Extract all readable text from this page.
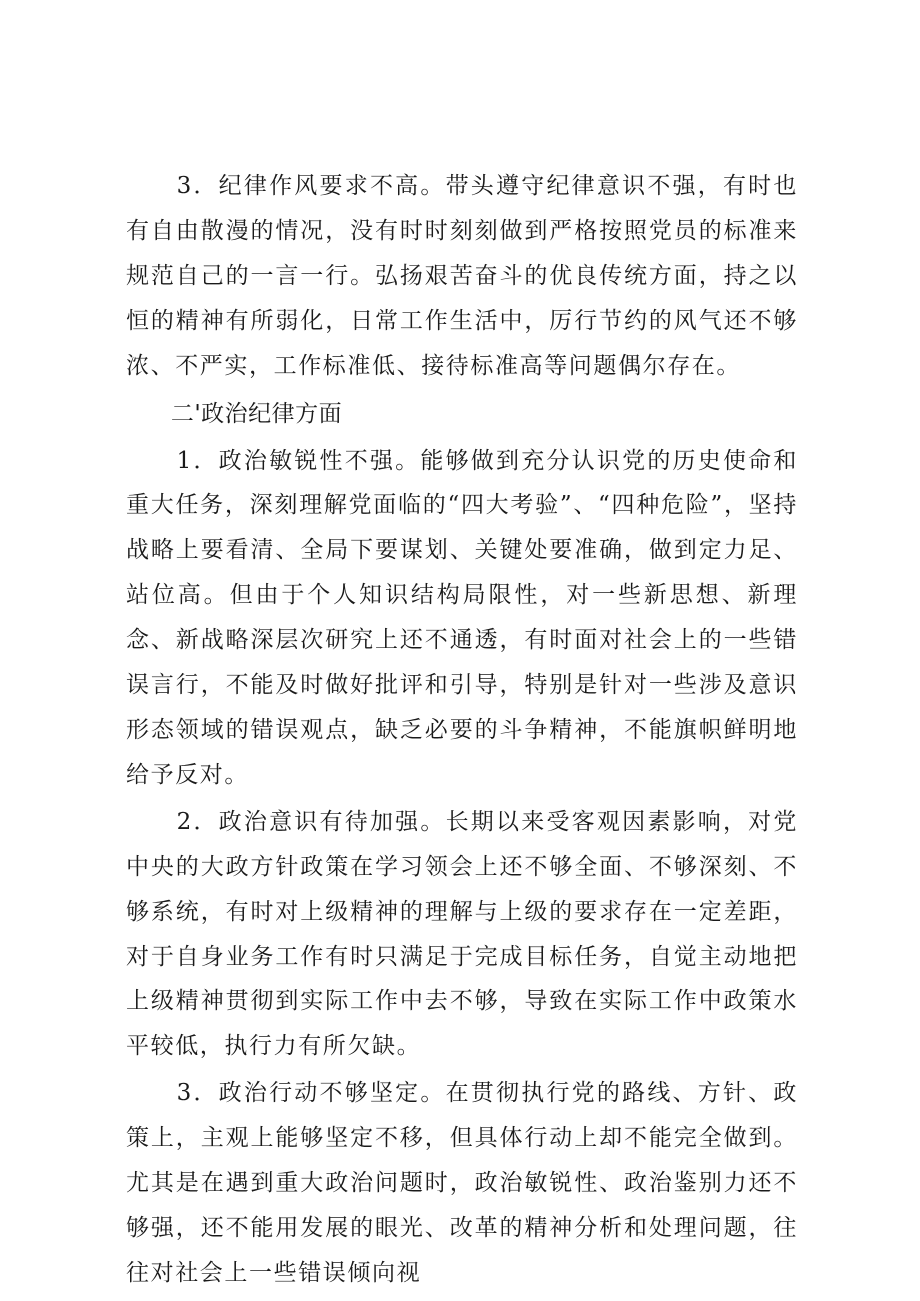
3．纪律作风要求不高。带头遵守纪律意识不强，有时也有自由散漫的情况，没有时时刻刻做到严格按照党员的标准来规范自己的一言一行。弘扬艰苦奋斗的优良传统方面，持之以恒的精神有所弱化，日常工作生活中，厉行节约的风气还不够浓、不严实，工作标准低、接待标准高等问题偶尔存在。

二'政治纪律方面

1．政治敏锐性不强。能够做到充分认识党的历史使命和重大任务，深刻理解党面临的“四大考验”、“四种危险”，坚持战略上要看清、全局下要谋划、关键处要准确，做到定力足、站位高。但由于个人知识结构局限性，对一些新思想、新理念、新战略深层次研究上还不通透，有时面对社会上的一些错误言行，不能及时做好批评和引导，特别是针对一些涉及意识形态领域的错误观点，缺乏必要的斗争精神，不能旗帜鲜明地给予反对。

2．政治意识有待加强。长期以来受客观因素影响，对党中央的大政方针政策在学习领会上还不够全面、不够深刻、不够系统，有时对上级精神的理解与上级的要求存在一定差距，对于自身业务工作有时只满足于完成目标任务，自觉主动地把上级精神贯彻到实际工作中去不够，导致在实际工作中政策水平较低，执行力有所欠缺。

3．政治行动不够坚定。在贯彻执行党的路线、方针、政策上，主观上能够坚定不移，但具体行动上却不能完全做到。尤其是在遇到重大政治问题时，政治敏锐性、政治鉴别力还不够强，还不能用发展的眼光、改革的精神分析和处理问题，往往对社会上一些错误倾向视
